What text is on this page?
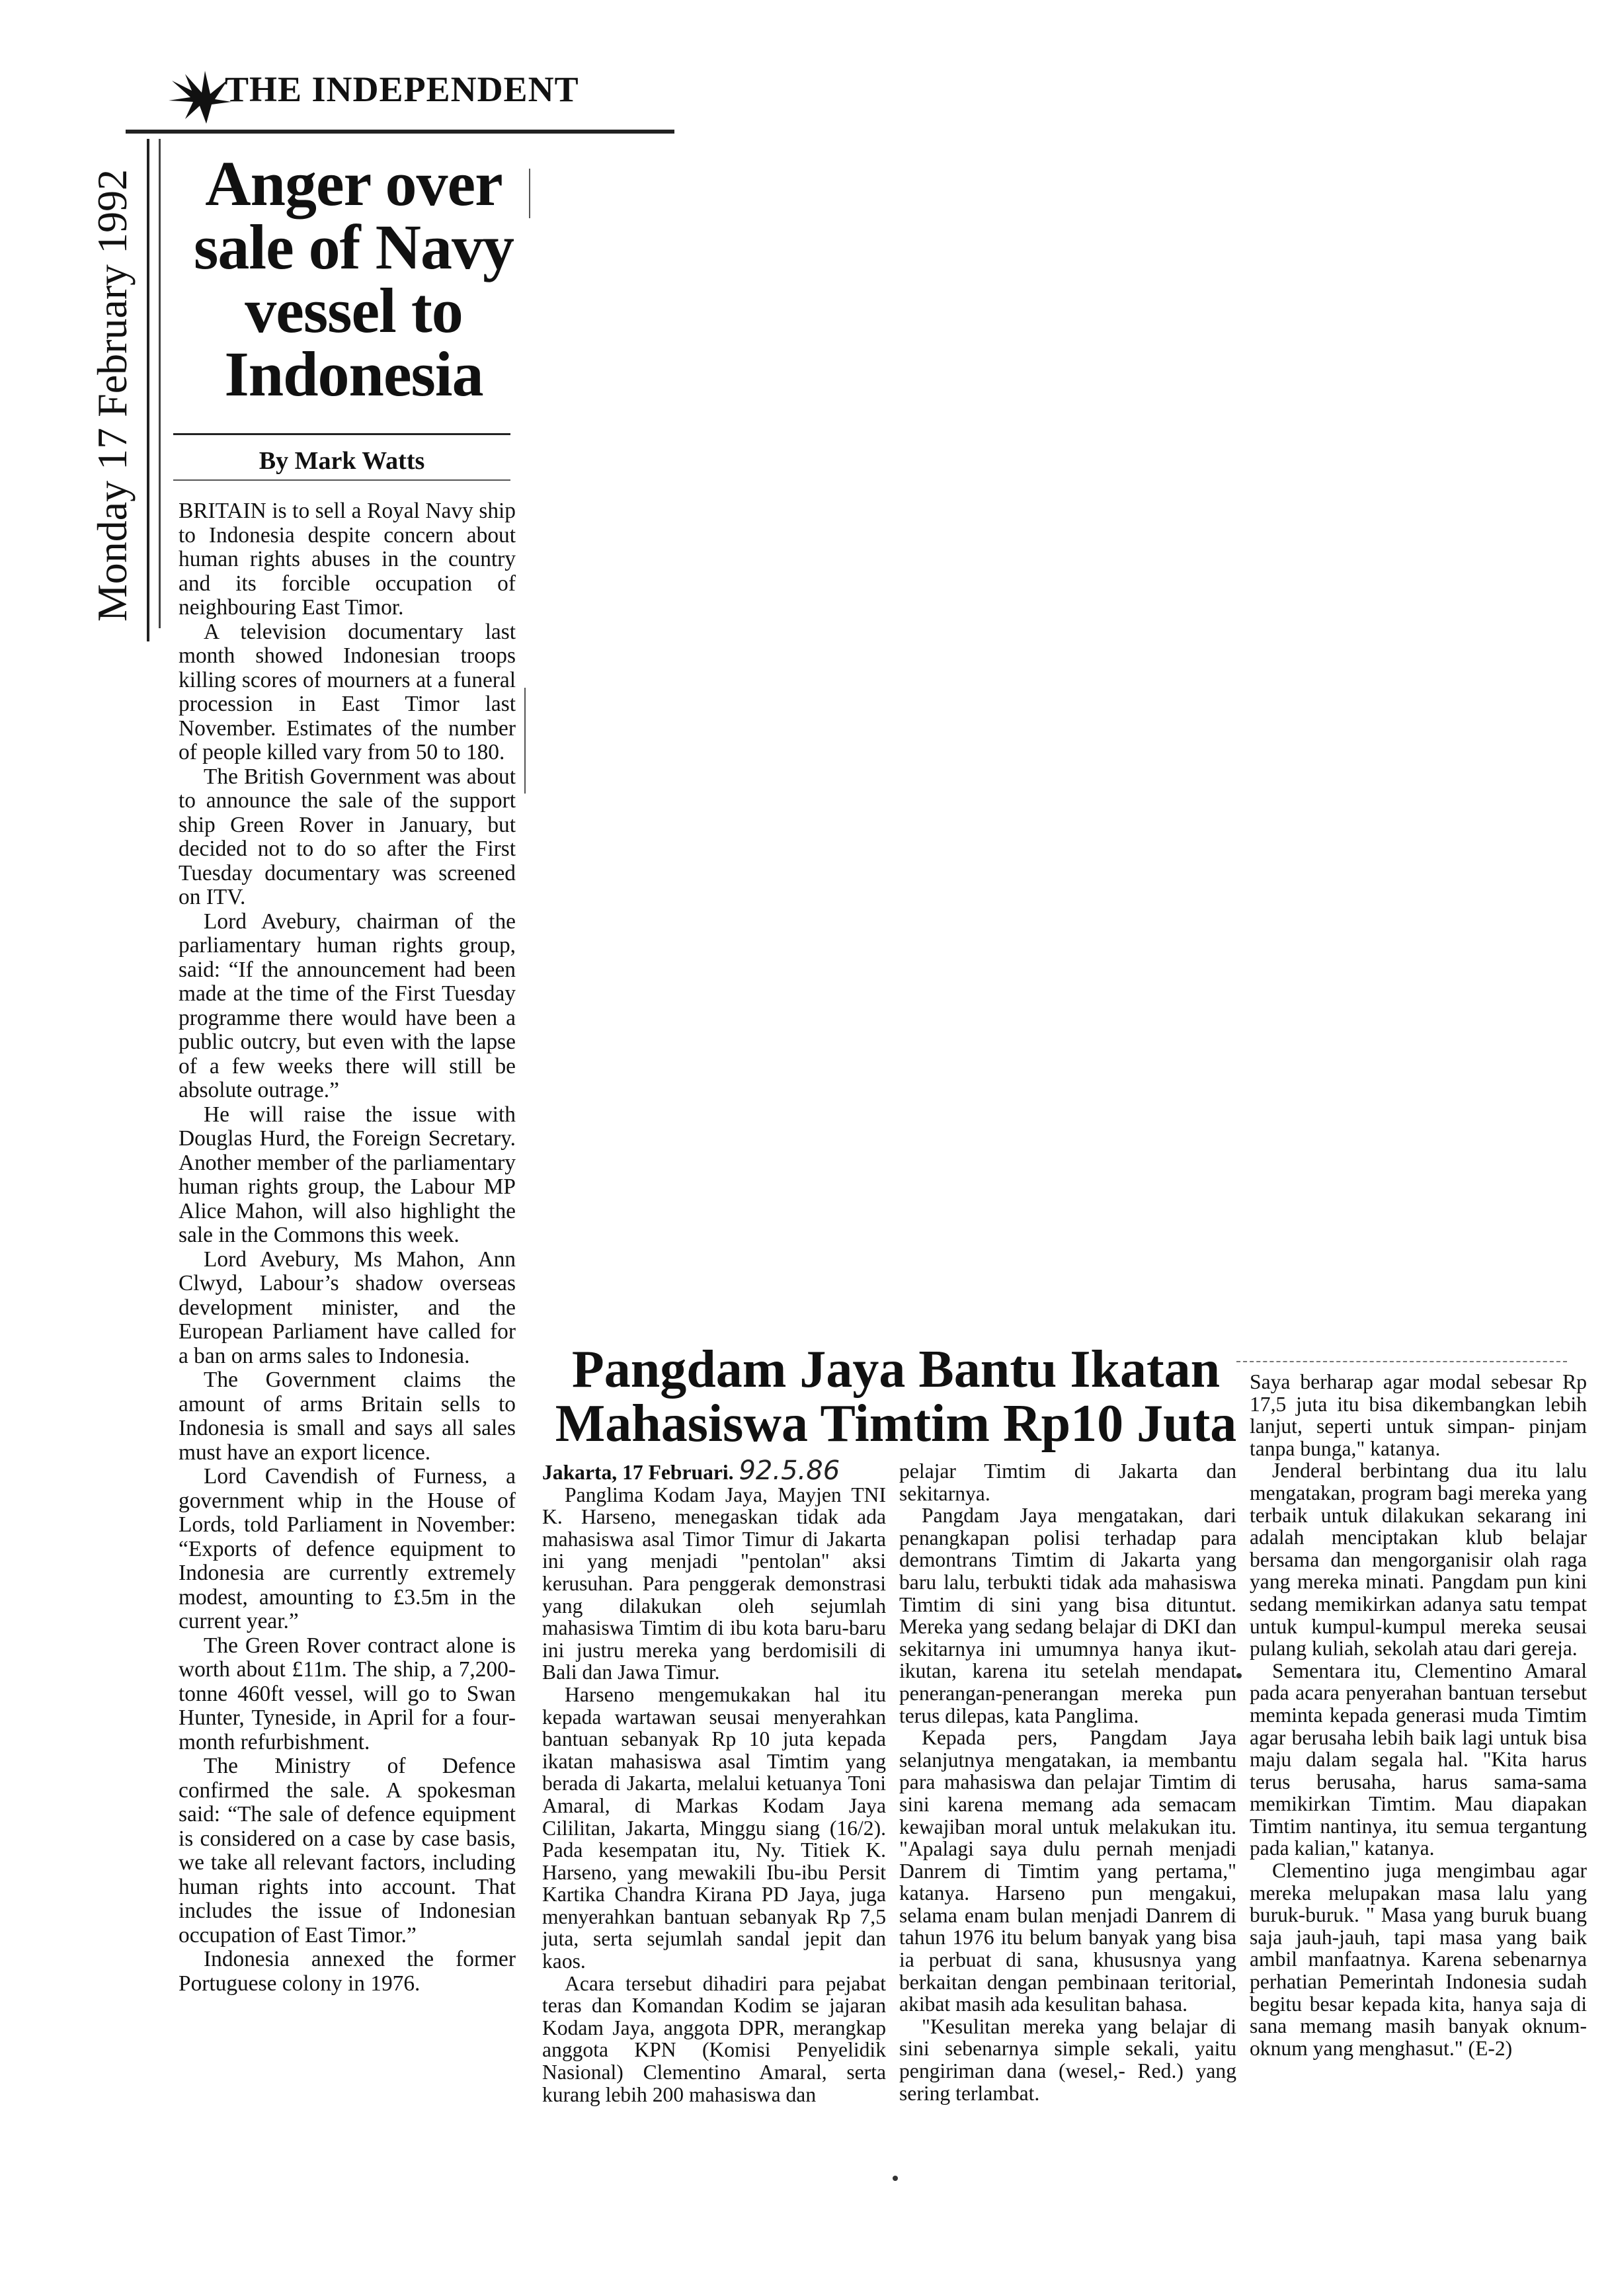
THE INDEPENDENT
Monday 17 February 1992	Anger over sale of Navy vessel to Indonesia
By Mark Watts

BRITAIN is to sell a Royal Navy ship to Indonesia despite concern about human rights abuses in the country and its forcible occupation of neighbouring East Timor.

A television documentary last month showed Indonesian troops killing scores of mourners at a funeral procession in East Timor last November. Estimates of the number of people killed vary from 50 to 180.

The British Government was about to announce the sale of the support ship Green Rover in January, but decided not to do so after the First Tuesday documentary was screened on ITV.

Lord Avebury, chairman of the parliamentary human rights group, said: “If the announcement had been made at the time of the First Tuesday programme there would have been a public outcry, but even with the lapse of a few weeks there will still be absolute outrage.”

He will raise the issue with Douglas Hurd, the Foreign Secretary. Another member of the parliamentary human rights group, the Labour MP Alice Mahon, will also highlight the sale in the Commons this week.

Lord Avebury, Ms Mahon, Ann Clwyd, Labour’s shadow overseas development minister, and the European Parliament have called for a ban on arms sales to Indonesia.

The Government claims the amount of arms Britain sells to Indonesia is small and says all sales must have an export licence.

Lord Cavendish of Furness, a government whip in the House of Lords, told Parliament in November: “Exports of defence equipment to Indonesia are currently extremely modest, amounting to £3.5m in the current year.”

The Green Rover contract alone is worth about £11m. The ship, a 7,200-tonne 460ft vessel, will go to Swan Hunter, Tyneside, in April for a four-month refurbishment.

The Ministry of Defence confirmed the sale. A spokesman said: “The sale of defence equipment is considered on a case by case basis, we take all relevant factors, including human rights into account. That includes the issue of Indonesian occupation of East Timor.”

Indonesia annexed the former Portuguese colony in 1976.

Pangdam Jaya Bantu Ikatan Mahasiswa Timtim Rp10 Juta

Jakarta, 17 Februari. 92.5.86

Panglima Kodam Jaya, Mayjen TNI K. Harseno, menegaskan tidak ada mahasiswa asal Timor Timur di Jakarta ini yang menjadi "pentolan" aksi kerusuhan. Para penggerak demonstrasi yang dilakukan oleh sejumlah mahasiswa Timtim di ibu kota baru-baru ini justru mereka yang berdomisili di Bali dan Jawa Timur.

Harseno mengemukakan hal itu kepada wartawan seusai menyerahkan bantuan sebanyak Rp 10 juta kepada ikatan mahasiswa asal Timtim yang berada di Jakarta, melalui ketuanya Toni Amaral, di Markas Kodam Jaya Cililitan, Jakarta, Minggu siang (16/2). Pada kesempatan itu, Ny. Titiek K. Harseno, yang mewakili Ibu-ibu Persit Kartika Chandra Kirana PD Jaya, juga menyerahkan bantuan sebanyak Rp 7,5 juta, serta sejumlah sandal jepit dan kaos.

Acara tersebut dihadiri para pejabat teras dan Komandan Kodim se jajaran Kodam Jaya, anggota DPR, merangkap anggota KPN (Komisi Penyelidik Nasional) Clementino Amaral, serta kurang lebih 200 mahasiswa dan

pelajar Timtim di Jakarta dan sekitarnya.

Pangdam Jaya mengatakan, dari penangkapan polisi terhadap para demontrans Timtim di Jakarta yang baru lalu, terbukti tidak ada mahasiswa Timtim di sini yang bisa dituntut. Mereka yang sedang belajar di DKI dan sekitarnya ini umumnya hanya ikut-ikutan, karena itu setelah mendapat penerangan-penerangan mereka pun terus dilepas, kata Panglima.

Kepada pers, Pangdam Jaya selanjutnya mengatakan, ia membantu para mahasiswa dan pelajar Timtim di sini karena memang ada semacam kewajiban moral untuk melakukan itu. "Apalagi saya dulu pernah menjadi Danrem di Timtim yang pertama," katanya. Harseno pun mengakui, selama enam bulan menjadi Danrem di tahun 1976 itu belum banyak yang bisa ia perbuat di sana, khususnya yang berkaitan dengan pembinaan teritorial, akibat masih ada kesulitan bahasa.

"Kesulitan mereka yang belajar di sini sebenarnya simple sekali, yaitu pengiriman dana (wesel,- Red.) yang sering terlambat.

Saya berharap agar modal sebesar Rp 17,5 juta itu bisa dikembangkan lebih lanjut, seperti untuk simpan- pinjam tanpa bunga," katanya.

Jenderal berbintang dua itu lalu mengatakan, program bagi mereka yang terbaik untuk dilakukan sekarang ini adalah menciptakan klub belajar bersama dan mengorganisir olah raga yang mereka minati. Pangdam pun kini sedang memikirkan adanya satu tempat untuk kumpul-kumpul mereka seusai pulang kuliah, sekolah atau dari gereja.

Sementara itu, Clementino Amaral pada acara penyerahan bantuan tersebut meminta kepada generasi muda Timtim agar berusaha lebih baik lagi untuk bisa maju dalam segala hal. "Kita harus terus berusaha, harus sama-sama memikirkan Timtim. Mau diapakan Timtim nantinya, itu semua tergantung pada kalian," katanya.

Clementino juga mengimbau agar mereka melupakan masa lalu yang buruk-buruk. " Masa yang buruk buang saja jauh-jauh, tapi masa yang baik ambil manfaatnya. Karena sebenarnya perhatian Pemerintah Indonesia sudah begitu besar kepada kita, hanya saja di sana memang masih banyak oknum-oknum yang menghasut." (E-2)
